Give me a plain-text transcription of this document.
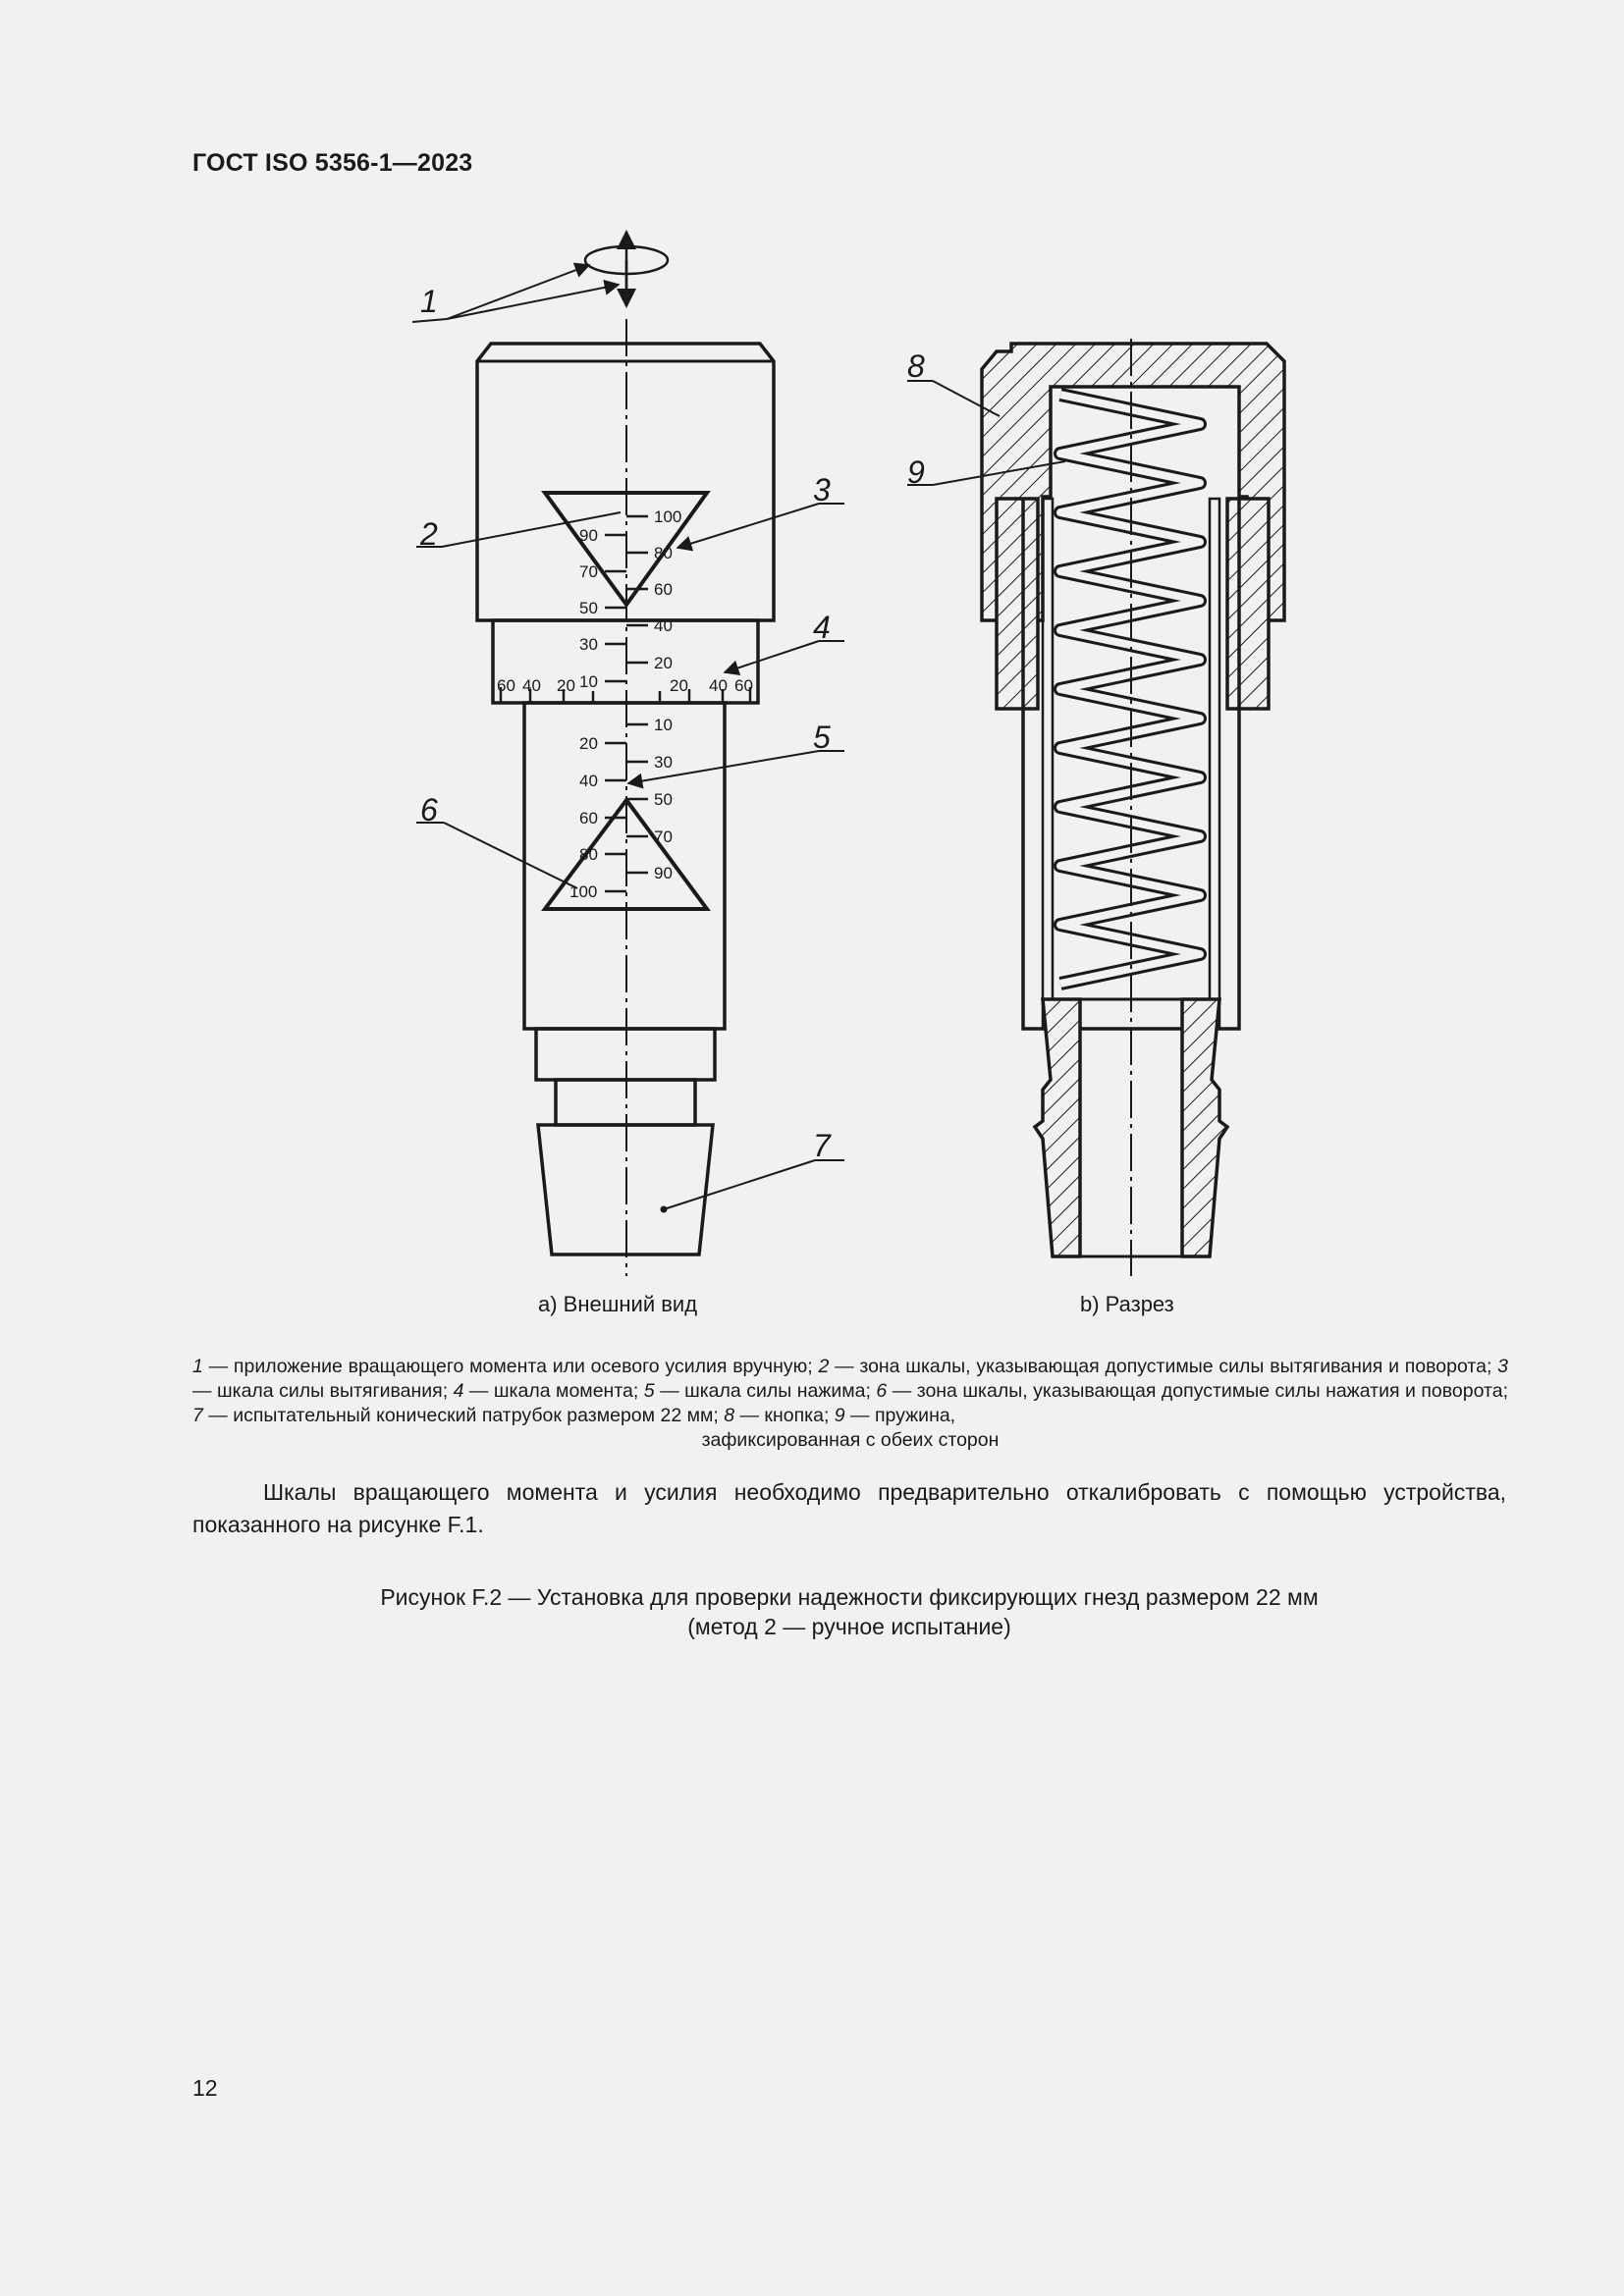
ГОСТ ISO 5356-1—2023
1
2
3
4
5
6
7
8
9
100
80
60
40
20
90
70
50
30
10
60 40 20	20 40 60
10
30
50
70
90
20
40
60
80
100
а) Внешний вид	b) Разрез
1 — приложение вращающего момента или осевого усилия вручную; 2 — зона шкалы, указывающая допустимые силы вытягивания и поворота; 3 — шкала силы вытягивания; 4 — шкала момента; 5 — шкала силы нажима; 6 — зона шкалы, указывающая допустимые силы нажатия и поворота; 7 — испытательный конический патрубок размером 22 мм; 8 — кнопка; 9 — пружина,
зафиксированная с обеих сторон
Шкалы вращающего момента и усилия необходимо предварительно откалибровать с помощью устройства, показанного на рисунке F.1.
Рисунок F.2 — Установка для проверки надежности фиксирующих гнезд размером 22 мм
(метод 2 — ручное испытание)
12
